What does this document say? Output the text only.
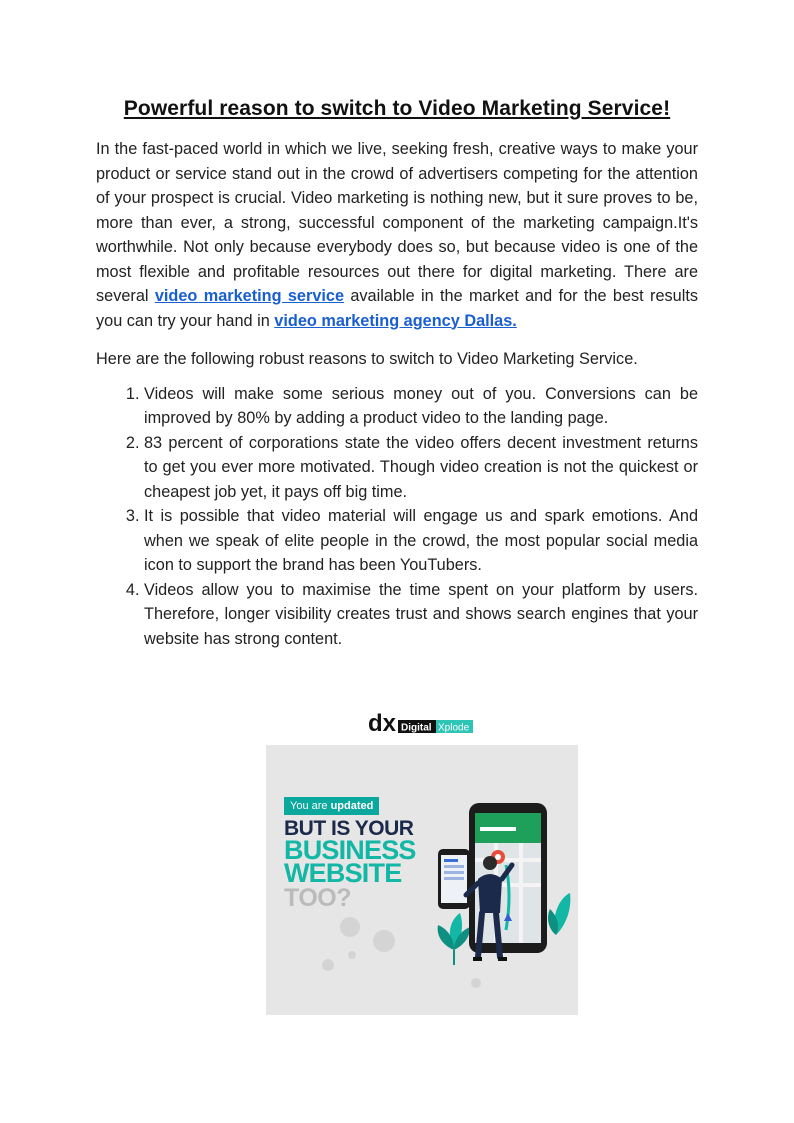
Powerful reason to switch to Video Marketing Service!

In the fast-paced world in which we live, seeking fresh, creative ways to make your product or service stand out in the crowd of advertisers competing for the attention of your prospect is crucial. Video marketing is nothing new, but it sure proves to be, more than ever, a strong, successful component of the marketing campaign.It's worthwhile. Not only because everybody does so, but because video is one of the most flexible and profitable resources out there for digital marketing. There are several video marketing service available in the market and for the best results you can try your hand in video marketing agency Dallas.

Here are the following robust reasons to switch to Video Marketing Service.

1. Videos will make some serious money out of you. Conversions can be improved by 80% by adding a product video to the landing page.
2. 83 percent of corporations state the video offers decent investment returns to get you ever more motivated. Though video creation is not the quickest or cheapest job yet, it pays off big time.
3. It is possible that video material will engage us and spark emotions. And when we speak of elite people in the crowd, the most popular social media icon to support the brand has been YouTubers.
4. Videos allow you to maximise the time spent on your platform by users. Therefore, longer visibility creates trust and shows search engines that your website has strong content.
dx Digital Xplode
You are updated
BUT IS YOUR
BUSINESS
WEBSITE
TOO?
